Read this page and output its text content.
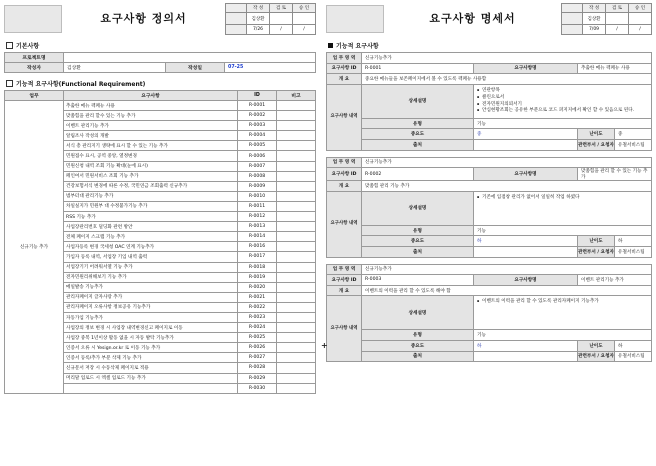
요구사항 정의서
	작 성	검 토	승 인
	김상환		
	7/26	/	/
기본사항
프로젝트명			
작성자	김상환	작성일	07-25
기능적 요구사항(Functional Requirement)
업무	요구사항	ID	비고
신규기능 추가	추출한 메뉴 펙페뉴 사용	R-0001	
	맞춤힘을 관리 할수 있는 기능 추가	R-0002	
	이벤트 관리기능 추가	R-0003	
	알림조사 작성의 개발	R-0004	
	서식 총 관리지기 생략에 표시 할 수 있는 기능 추가	R-0005	
	민원접수 표시, 공역 중앙, 열정변경	R-0006	
	민원신청 내역 조회 기능 확대(눈에 표시)	R-0007	
	페인여서 민원서비스 조회 기능 추가	R-0008	
	건강보험서식 변경에 따른 수정, 국민연금 조회출력 신규추가	R-0009	
	범부터대 관리기능 추가	R-0010	
	차일실지가 민원부 대 수정불가기능 추가	R-0011	
	RSS 기능 추가	R-0012	
	사업장관리번호 딜딩화 관련 방안	R-0013	
	전체 페이지 스크랩 기능 추가	R-0014	
	사업자등록 변경 국세청 OAC 연계 기능추가	R-0016	
	가입자 등록 내역, 서업장 기입 내역 출력	R-0017	
	서업장기기 어려워서열 기능 추가	R-0018	
	전자민원리위해보기 기능 추가	R-0019	
	메일발송 기능추가	R-0020	
	관리자페이지 글자사랑 추가	R-0021	
	관리자페이지 오류사항 정보공유 기능추가	R-0022	
	자동가입 기능추가	R-0023	
	사업장의 정보 변경 시 사업장 내역변경신고 페이지로 이동	R-0024	
	사업장 중복 1년이상 활동 없을 시 자동 발탁 기능추가	R-0025	
	인증서 오류 시 Yesign.or.kr 로 이동 기능 추가	R-0026	
	인증서 등록/추가 부분 삭제 기능 추가	R-0027	
	신규문서 저장 시 수동삭제 페이지로 적용	R-0028	
	머리말 업로드 시 엑셀 업로드 기능 추가	R-0029	
		R-0030	
요구사항 명세서
	작 성	검 토	승 인
	김상환		
	7/09	/	/
기능적 요구사항
업 무 영 역	신규기능추가			
요구사항 ID	R-0001	요구사항명	추출한 메뉴 펙페뉴 사용	
개 요	중요한 메뉴들을 보존페이지에서 볼 수 있도록 펙페뉴 사용함			
요구사항 내역	상세설명	▪ 연관항목
▪ 클린으로서
▪ 전자민원지의뢰서기
▪ 안심현황조회는 공유한 부분으로 코드 퍼지지에서 확인 할 수 있음으로 된다.

	유형	기능		
	중요도	중	난이도	중
	출처		관련부서 / 요청자	유철서비스팀
업 무 영 역	신규기능추가			
요구사항 ID	R-0002	요구사항명	맞춤힘을 관리 할 수 있는 기능 추가	
개 요	맞춤힘 관리 기능 추가			
요구사항 내역	상세설명	▪ 기존에 입점창 관리가 없어서 일일히 작업 하였다

	유형	기능		
	중요도	하	난이도	하
	출처		관련부서 / 요청자	유철서비스팀
업 무 영 역	신규기능추가			
요구사항 ID	R-0003	요구사항명	이벤트 관리기능 추가	
개 요	이벤트의 이력을 관리 할 수 있도록 해야 함			
요구사항 내역	상세설명	▪ 이벤트의 이력을 관리 할 수 있도록 관리자페이지 기능추가

	유형	기능		
	중요도	하	난이도	하
	출처		관련부서 / 요청자	유철서비스팀
+
